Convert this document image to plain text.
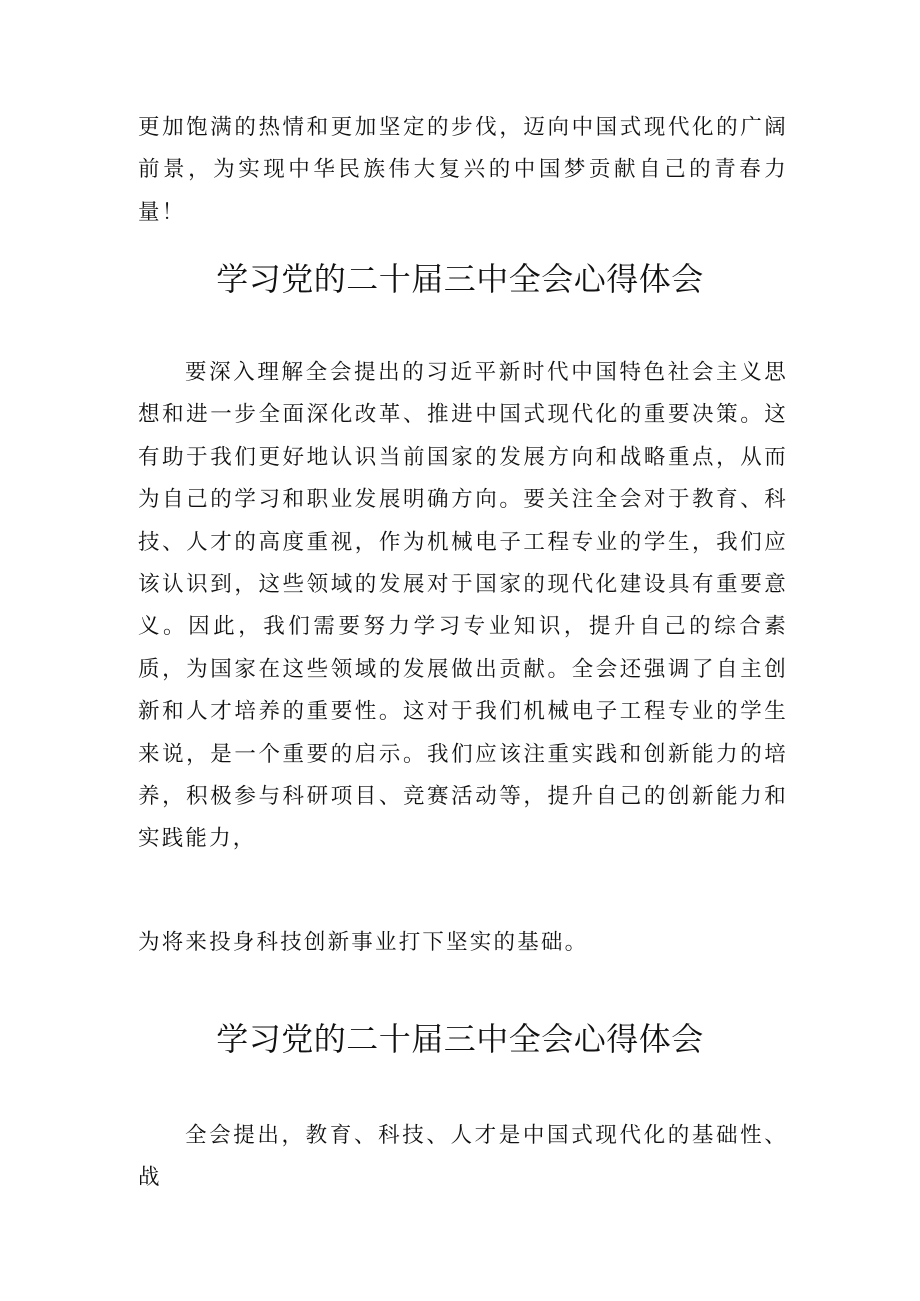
更加饱满的热情和更加坚定的步伐，迈向中国式现代化的广阔前景，为实现中华民族伟大复兴的中国梦贡献自己的青春力量！

学习党的二十届三中全会心得体会

要深入理解全会提出的习近平新时代中国特色社会主义思想和进一步全面深化改革、推进中国式现代化的重要决策。这有助于我们更好地认识当前国家的发展方向和战略重点，从而为自己的学习和职业发展明确方向。要关注全会对于教育、科技、人才的高度重视，作为机械电子工程专业的学生，我们应该认识到，这些领域的发展对于国家的现代化建设具有重要意义。因此，我们需要努力学习专业知识，提升自己的综合素质，为国家在这些领域的发展做出贡献。全会还强调了自主创新和人才培养的重要性。这对于我们机械电子工程专业的学生来说，是一个重要的启示。我们应该注重实践和创新能力的培养，积极参与科研项目、竞赛活动等，提升自己的创新能力和实践能力，

为将来投身科技创新事业打下坚实的基础。

学习党的二十届三中全会心得体会

全会提出，教育、科技、人才是中国式现代化的基础性、战
